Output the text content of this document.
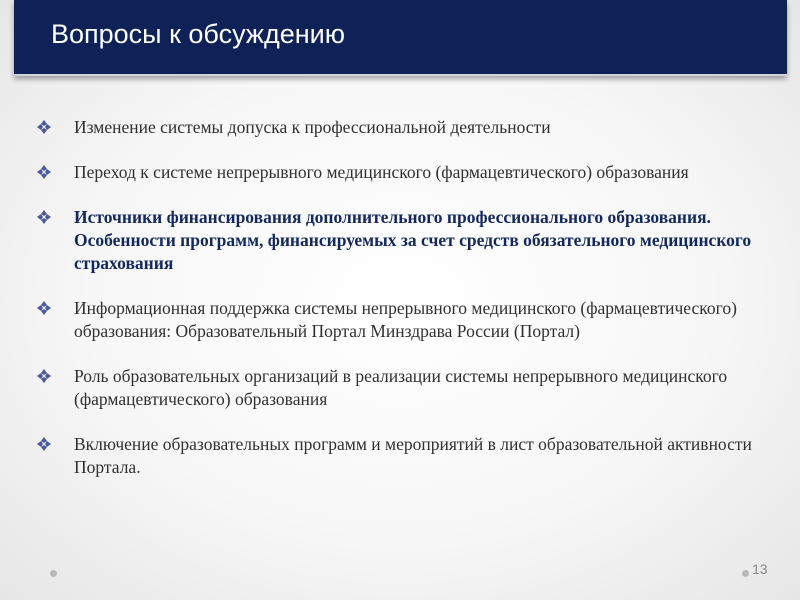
Вопросы к обсуждению
Изменение системы допуска к профессиональной деятельности
Переход к системе непрерывного медицинского (фармацевтического) образования
Источники финансирования дополнительного профессионального образования. Особенности программ, финансируемых за счет средств обязательного медицинского страхования
Информационная поддержка системы непрерывного медицинского (фармацевтического) образования: Образовательный Портал Минздрава России (Портал)
Роль образовательных организаций в реализации системы непрерывного медицинского (фармацевтического) образования
Включение образовательных программ и мероприятий в лист образовательной активности Портала.
13
